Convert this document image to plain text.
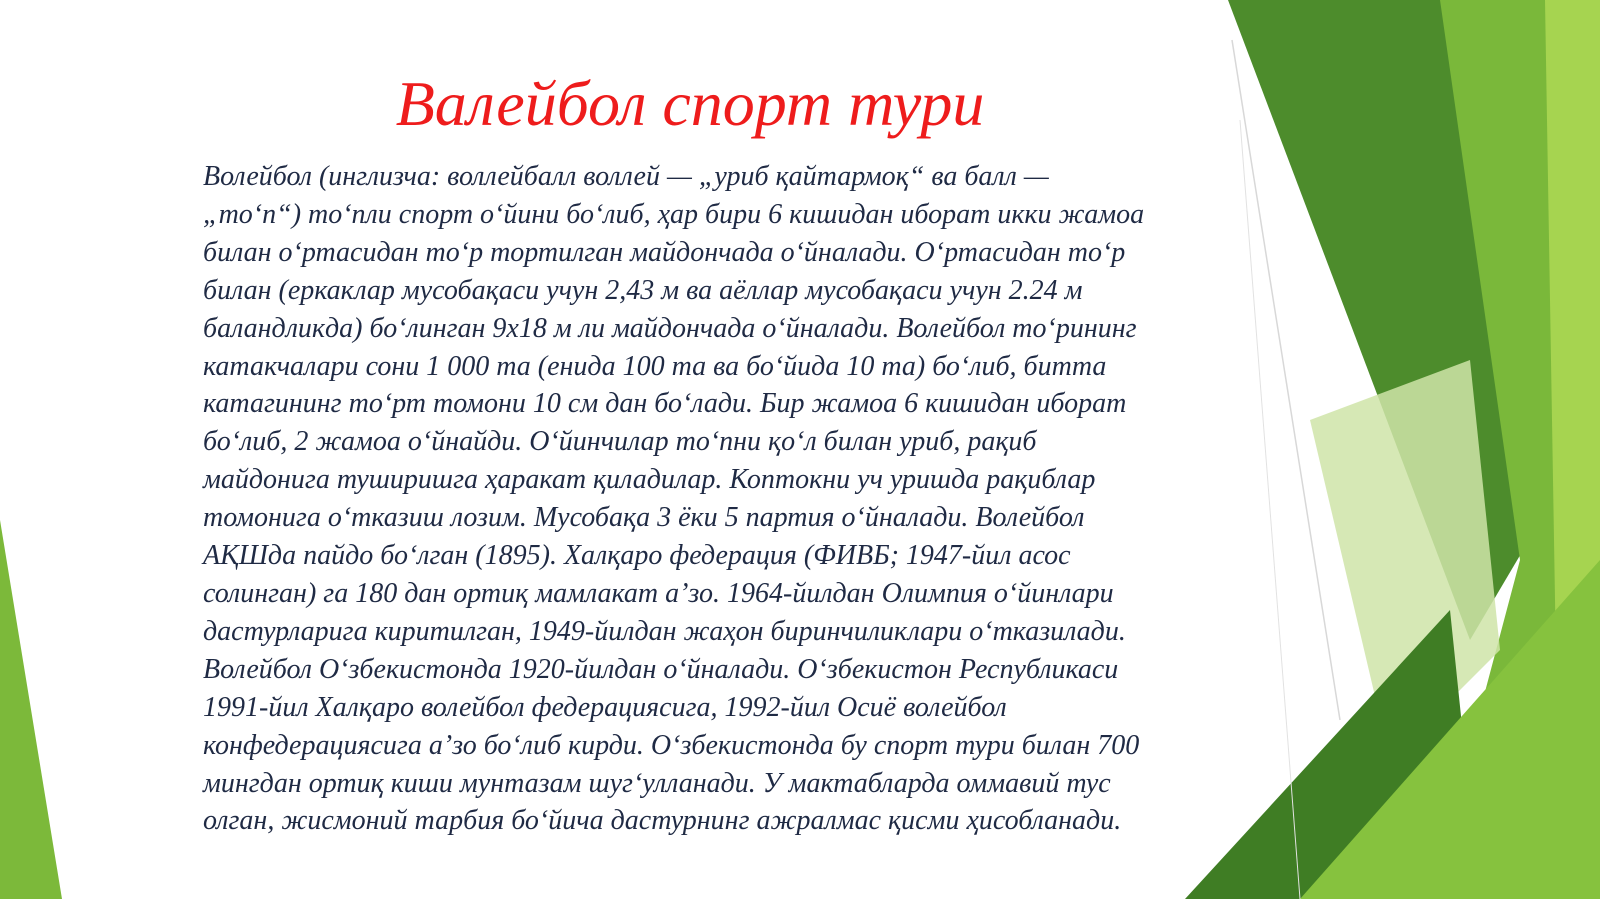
Валейбол спорт тури

Волейбол (инглизча: воллейбалл воллей — „уриб қайтармоқ“ ва балл —
„тоʻп“) тоʻпли спорт оʻйини боʻлиб, ҳар бири 6 кишидан иборат икки жамоа
билан оʻртасидан тоʻр тортилган майдончада оʻйналади. Оʻртасидан тоʻр
билан (еркаклар мусобақаси учун 2,43 м ва аёллар мусобақаси учун 2.24 м
баландликда) боʻлинган 9х18 м ли майдончада оʻйналади. Волейбол тоʻрининг
катакчалари сони 1 000 та (енида 100 та ва боʻйида 10 та) боʻлиб, битта
катагининг тоʻрт томони 10 см дан боʻлади. Бир жамоа 6 кишидан иборат
боʻлиб, 2 жамоа оʻйнайди. Оʻйинчилар тоʻпни қоʻл билан уриб, рақиб
майдонига туширишга ҳаракат қиладилар. Коптокни уч уришда рақиблар
томонига оʻтказиш лозим. Мусобақа 3 ёки 5 партия оʻйналади. Волейбол
АҚШда пайдо боʻлган (1895). Халқаро федерация (ФИВБ; 1947-йил асос
солинган) га 180 дан ортиқ мамлакат аʼзо. 1964-йилдан Олимпия оʻйинлари
дастурларига киритилган, 1949-йилдан жаҳон биринчиликлари оʻтказилади.
Волейбол Оʻзбекистонда 1920-йилдан оʻйналади. Оʻзбекистон Республикаси
1991-йил Халқаро волейбол федерациясига, 1992-йил Осиё волейбол
конфедерациясига аʼзо боʻлиб кирди. Оʻзбекистонда бу спорт тури билан 700
мингдан ортиқ киши мунтазам шугʻулланади. У мактабларда оммавий тус
олган, жисмоний тарбия боʻйича дастурнинг ажралмас қисми ҳисобланади.
